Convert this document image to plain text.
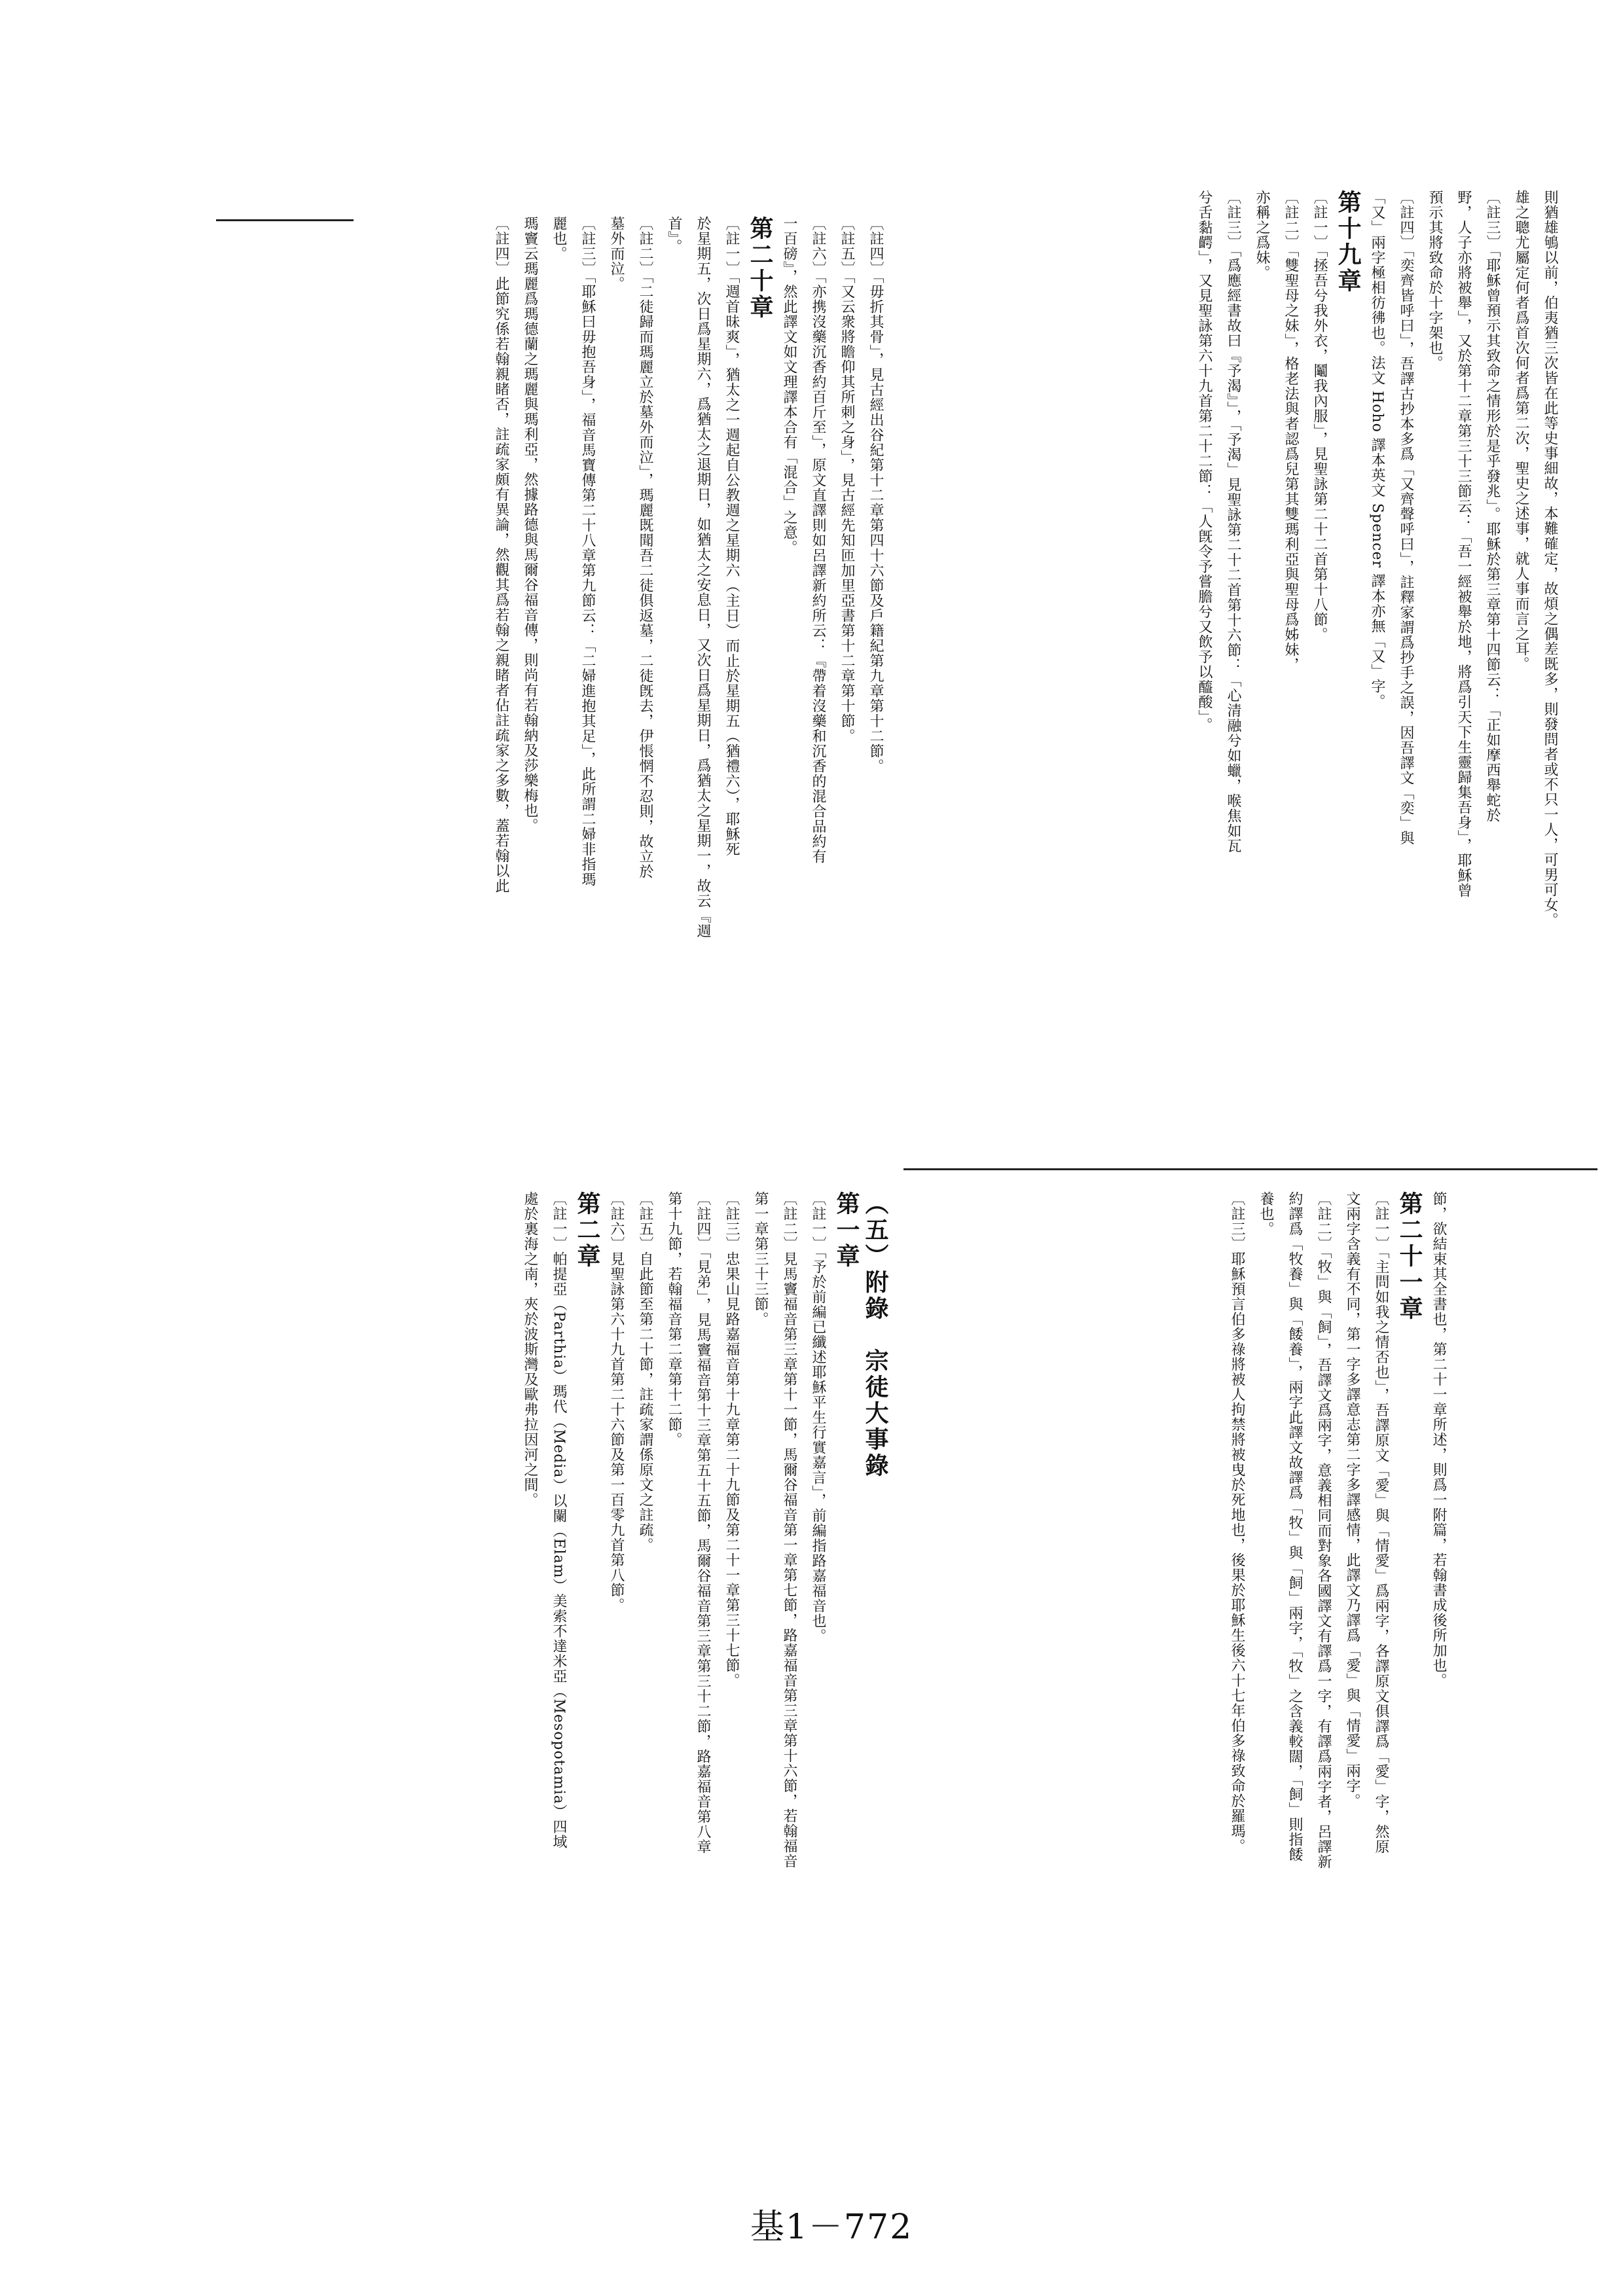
則猶雄鴝以前，伯夷猶三次皆在此等史事細故，本難確定，故煩之偶差既多，則發問者或不只一人，可男可女。
雄之聰尤屬定何者爲首次何者爲第二次，聖史之述事，就人事而言之耳。
〔註三〕「耶穌曾預示其致命之情形於是乎發兆」。耶穌於第三章第十四節云：「正如摩西舉蛇於
野，人子亦將被舉」，又於第十二章第三十三節云：「吾一經被舉於地，將爲引天下生靈歸集吾身」，耶穌曾
預示其將致命於十字架也。
〔註四〕「奕齊皆呼曰」，吾譯古抄本多爲「又齊聲呼曰」，註釋家謂爲抄手之誤，因吾譯文「奕」與
「又」兩字極相彷彿也。法文 Hoho 譯本英文 Spencer 譯本亦無「又」字。
第十九章
〔註一〕「拯吾兮我外衣，鬮我內服」，見聖詠第二十二首第十八節。
〔註二〕「雙聖母之妹」，格老法與者認爲兒第其雙瑪利亞與聖母爲姊妹，
亦稱之爲妹。
〔註三〕「爲應經書故曰『予渴』」，「予渴」見聖詠第二十二首第十六節：「心清融兮如蠟，喉焦如瓦
兮舌黏齶」，又見聖詠第六十九首第二十二節：「人旣令予嘗膽兮又飲予以醯酸」。
〔註四〕「毋折其骨」，見古經出谷紀第十二章第四十六節及戶籍紀第九章第十二節。
〔註五〕「又云衆將瞻仰其所刺之身」，見古經先知匝加里亞書第十二章第十節。
〔註六〕「亦携沒藥沉香約百斤至」，原文直譯則如呂譯新約所云：『帶着沒藥和沉香的混合品約有
一百磅』，然此譯文如文理譯本合有「混合」之意。
第二十章
〔註一〕「週首昧爽」，猶太之一週起自公教週之星期六（主日）而止於星期五（猶禮六），耶穌死
於星期五，次日爲星期六，爲猶太之退期日，如猶太之安息日，又次日爲星期日，爲猶太之星期一，故云『週
首』。
〔註二〕「二徒歸而瑪麗立於墓外而泣」，瑪麗既聞吾二徒俱返墓，二徒旣去，伊悵惘不忍則，故立於
墓外而泣。
〔註三〕「耶穌曰毋抱吾身」，福音馬寶傳第二十八章第九節云：「二婦進抱其足」，此所謂二婦非指瑪
麗也。
瑪竇云瑪麗爲瑪德蘭之瑪麗與瑪利亞，然據路德與馬爾谷福音傳，則尚有若翰納及莎樂梅也。
〔註四〕此節究係若翰親睹否，註疏家頗有異論，然觀其爲若翰之親睹者佔註疏家之多數，蓋若翰以此
節，欲結束其全書也，第二十一章所述，則爲一附篇，若翰書成後所加也。
第二十一章
〔註一〕「主問如我之情否也」，吾譯原文「愛」與「情愛」爲兩字，各譯原文俱譯爲「愛」字，然原
文兩字含義有不同，第一字多譯意志第二字多譯感情，此譯文乃譯爲「愛」與「情愛」兩字。
〔註二〕「牧」與「飼」，吾譯文爲兩字，意義相同而對象各國譯文有譯爲一字，有譯爲兩字者，呂譯新
約譯爲「牧養」與「餧養」，兩字此譯文故譯爲「牧」與「飼」兩字，「牧」之含義較闊，「飼」則指餧
養也。
〔註三〕耶穌預言伯多祿將被人拘禁將被曳於死地也，後果於耶穌生後六十七年伯多祿致命於羅瑪。
（五）附錄　宗徒大事錄
第一章
〔註一〕「予於前編已纖述耶穌平生行實嘉言」，前編指路嘉福音也。
〔註二〕見馬竇福音第三章第十一節，馬爾谷福音第一章第七節，路嘉福音第三章第十六節，若翰福音
第一章第三十三節。
〔註三〕忠果山見路嘉福音第十九章第二十九節及第二十一章第三十七節。
〔註四〕「見弟」，見馬竇福音第十三章第五十五節，馬爾谷福音第三章第三十二節，路嘉福音第八章
第十九節，若翰福音第二章第十二節。
〔註五〕自此節至第二十節，註疏家謂係原文之註疏。
〔註六〕見聖詠第六十九首第二十六節及第一百零九首第八節。
第二章
〔註一〕帕提亞（Parthia）瑪代（Media）以闌（Elam）美索不達米亞（Mesopotamia）四域
處於裏海之南，夾於波斯灣及歐弗拉因河之間。
基1－772
